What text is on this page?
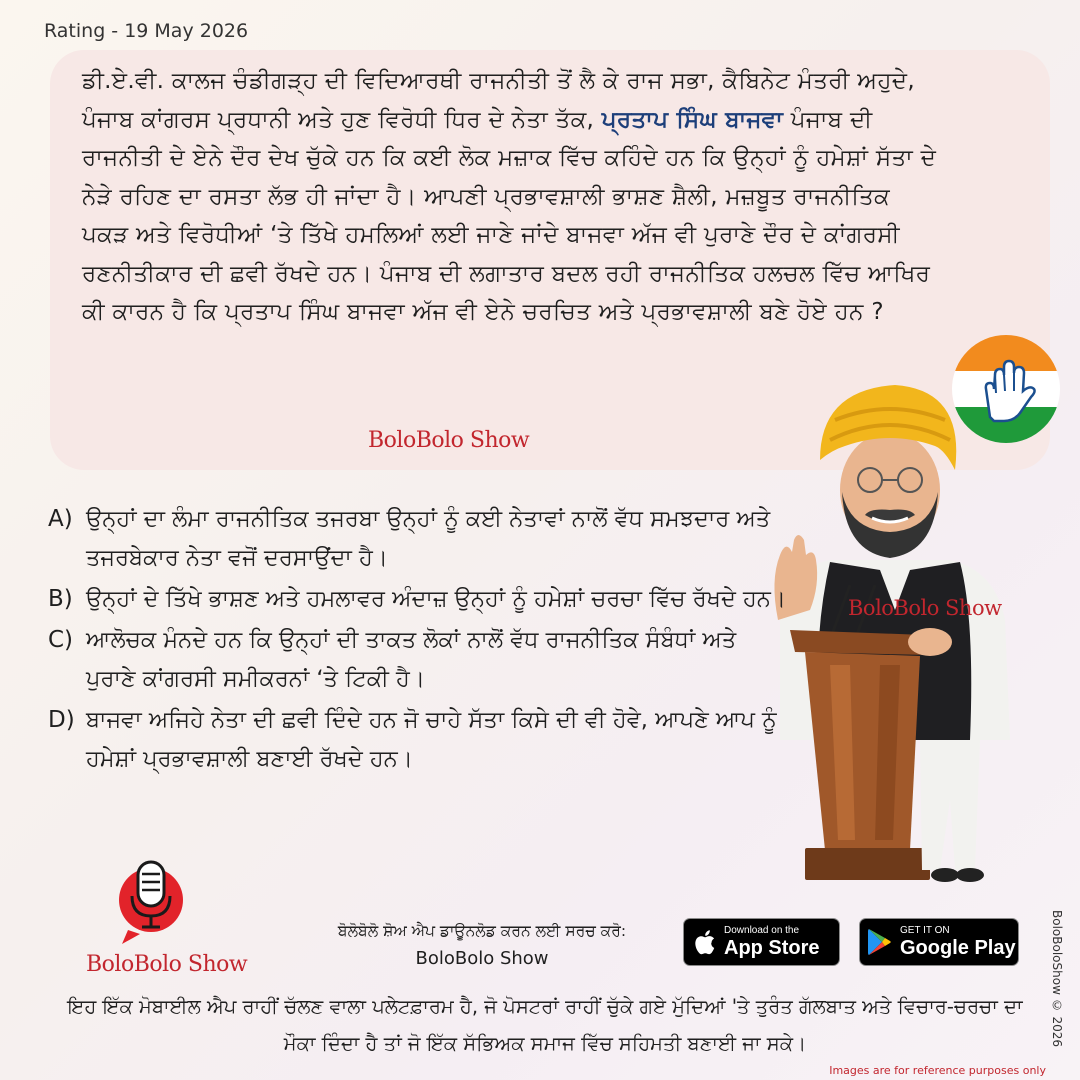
Rating - 19 May 2026
ਡੀ.ਏ.ਵੀ. ਕਾਲਜ ਚੰਡੀਗੜ੍ਹ ਦੀ ਵਿਦਿਆਰਥੀ ਰਾਜਨੀਤੀ ਤੋਂ ਲੈ ਕੇ ਰਾਜ ਸਭਾ, ਕੈਬਿਨੇਟ ਮੰਤਰੀ ਅਹੁਦੇ, ਪੰਜਾਬ ਕਾਂਗਰਸ ਪ੍ਰਧਾਨੀ ਅਤੇ ਹੁਣ ਵਿਰੋਧੀ ਧਿਰ ਦੇ ਨੇਤਾ ਤੱਕ, ਪ੍ਰਤਾਪ ਸਿੰਘ ਬਾਜਵਾ ਪੰਜਾਬ ਦੀ ਰਾਜਨੀਤੀ ਦੇ ਏਨੇ ਦੌਰ ਦੇਖ ਚੁੱਕੇ ਹਨ ਕਿ ਕਈ ਲੋਕ ਮਜ਼ਾਕ ਵਿੱਚ ਕਹਿੰਦੇ ਹਨ ਕਿ ਉਨ੍ਹਾਂ ਨੂੰ ਹਮੇਸ਼ਾਂ ਸੱਤਾ ਦੇ ਨੇੜੇ ਰਹਿਣ ਦਾ ਰਸਤਾ ਲੱਭ ਹੀ ਜਾਂਦਾ ਹੈ। ਆਪਣੀ ਪ੍ਰਭਾਵਸ਼ਾਲੀ ਭਾਸ਼ਣ ਸ਼ੈਲੀ, ਮਜ਼ਬੂਤ ਰਾਜਨੀਤਿਕ ਪਕੜ ਅਤੇ ਵਿਰੋਧੀਆਂ ‘ਤੇ ਤਿੱਖੇ ਹਮਲਿਆਂ ਲਈ ਜਾਣੇ ਜਾਂਦੇ ਬਾਜਵਾ ਅੱਜ ਵੀ ਪੁਰਾਣੇ ਦੌਰ ਦੇ ਕਾਂਗਰਸੀ ਰਣਨੀਤੀਕਾਰ ਦੀ ਛਵੀ ਰੱਖਦੇ ਹਨ। ਪੰਜਾਬ ਦੀ ਲਗਾਤਾਰ ਬਦਲ ਰਹੀ ਰਾਜਨੀਤਿਕ ਹਲਚਲ ਵਿੱਚ ਆਖਿਰ ਕੀ ਕਾਰਨ ਹੈ ਕਿ ਪ੍ਰਤਾਪ ਸਿੰਘ ਬਾਜਵਾ ਅੱਜ ਵੀ ਏਨੇ ਚਰਚਿਤ ਅਤੇ ਪ੍ਰਭਾਵਸ਼ਾਲੀ ਬਣੇ ਹੋਏ ਹਨ ?
BoloBolo Show
BoloBolo Show
A) ਉਨ੍ਹਾਂ ਦਾ ਲੰਮਾ ਰਾਜਨੀਤਿਕ ਤਜਰਬਾ ਉਨ੍ਹਾਂ ਨੂੰ ਕਈ ਨੇਤਾਵਾਂ ਨਾਲੋਂ ਵੱਧ ਸਮਝਦਾਰ ਅਤੇ ਤਜਰਬੇਕਾਰ ਨੇਤਾ ਵਜੋਂ ਦਰਸਾਉਂਦਾ ਹੈ।
B) ਉਨ੍ਹਾਂ ਦੇ ਤਿੱਖੇ ਭਾਸ਼ਣ ਅਤੇ ਹਮਲਾਵਰ ਅੰਦਾਜ਼ ਉਨ੍ਹਾਂ ਨੂੰ ਹਮੇਸ਼ਾਂ ਚਰਚਾ ਵਿੱਚ ਰੱਖਦੇ ਹਨ।
C) ਆਲੋਚਕ ਮੰਨਦੇ ਹਨ ਕਿ ਉਨ੍ਹਾਂ ਦੀ ਤਾਕਤ ਲੋਕਾਂ ਨਾਲੋਂ ਵੱਧ ਰਾਜਨੀਤਿਕ ਸੰਬੰਧਾਂ ਅਤੇ ਪੁਰਾਣੇ ਕਾਂਗਰਸੀ ਸਮੀਕਰਨਾਂ ‘ਤੇ ਟਿਕੀ ਹੈ।
D) ਬਾਜਵਾ ਅਜਿਹੇ ਨੇਤਾ ਦੀ ਛਵੀ ਦਿੰਦੇ ਹਨ ਜੋ ਚਾਹੇ ਸੱਤਾ ਕਿਸੇ ਦੀ ਵੀ ਹੋਵੇ, ਆਪਣੇ ਆਪ ਨੂੰ ਹਮੇਸ਼ਾਂ ਪ੍ਰਭਾਵਸ਼ਾਲੀ ਬਣਾਈ ਰੱਖਦੇ ਹਨ।
BoloBolo Show
ਬੋਲੋਬੋਲੋ ਸ਼ੋਅ ਐਪ ਡਾਊਨਲੋਡ ਕਰਨ ਲਈ ਸਰਚ ਕਰੋ:
BoloBolo Show
Download on the
App Store
GET IT ON
Google Play
ਇਹ ਇੱਕ ਮੋਬਾਈਲ ਐਪ ਰਾਹੀਂ ਚੱਲਣ ਵਾਲਾ ਪਲੇਟਫ਼ਾਰਮ ਹੈ, ਜੋ ਪੋਸਟਰਾਂ ਰਾਹੀਂ ਚੁੱਕੇ ਗਏ ਮੁੱਦਿਆਂ 'ਤੇ ਤੁਰੰਤ ਗੱਲਬਾਤ ਅਤੇ ਵਿਚਾਰ-ਚਰਚਾ ਦਾ ਮੌਕਾ ਦਿੰਦਾ ਹੈ ਤਾਂ ਜੋ ਇੱਕ ਸੱਭਿਅਕ ਸਮਾਜ ਵਿੱਚ ਸਹਿਮਤੀ ਬਣਾਈ ਜਾ ਸਕੇ।	BoloBoloShow © 2026
Images are for reference purposes only
